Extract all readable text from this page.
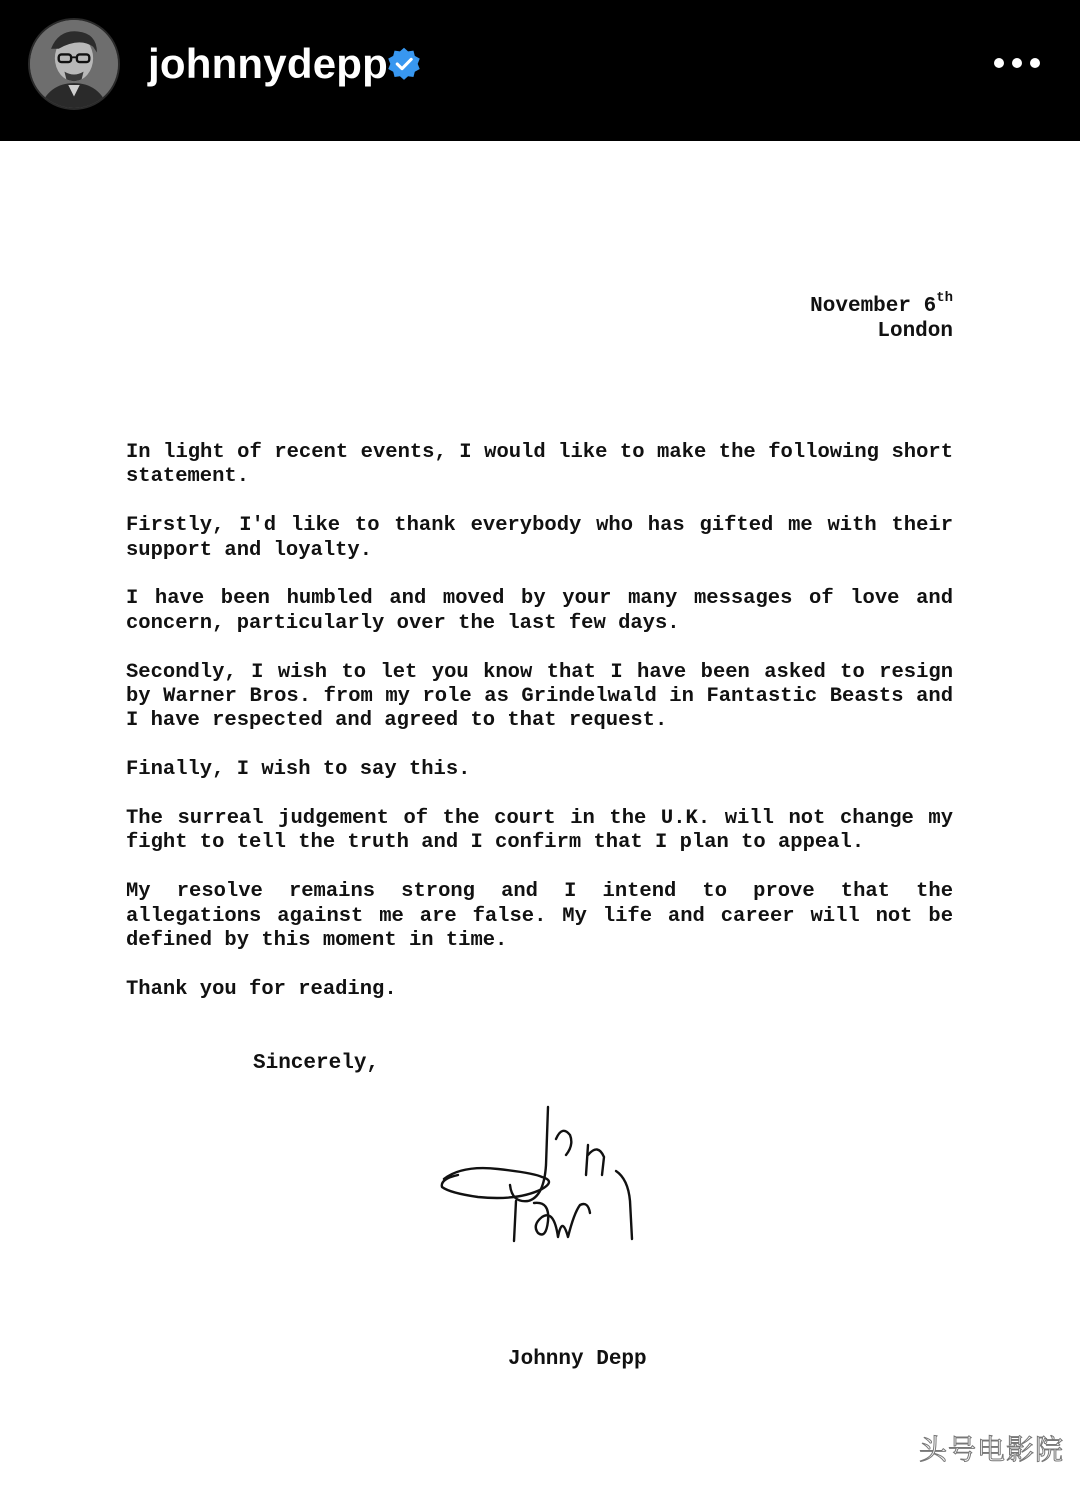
johnnydepp
November 6th
London

In light of recent events, I would like to make the following short statement.

Firstly, I'd like to thank everybody who has gifted me with their support and loyalty.

I have been humbled and moved by your many messages of love and concern, particularly over the last few days.

Secondly, I wish to let you know that I have been asked to resign by Warner Bros. from my role as Grindelwald in Fantastic Beasts and I have respected and agreed to that request.

Finally, I wish to say this.

The surreal judgement of the court in the U.K. will not change my fight to tell the truth and I confirm that I plan to appeal.

My resolve remains strong and I intend to prove that the allegations against me are false. My life and career will not be defined by this moment in time.

Thank you for reading.

Sincerely,
Johnny Depp
头号电影院
